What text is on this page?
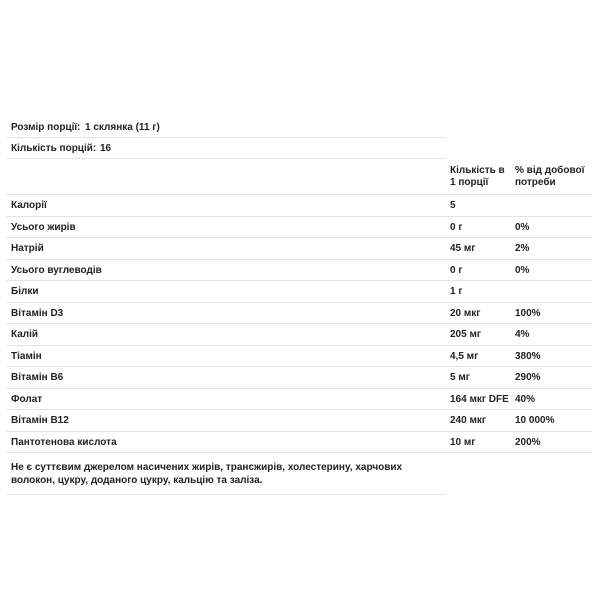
Розмір порції: 1 склянка (11 г)
Кількість порцій: 16
Кількість в 1 порції
% від добової потреби
Калорії	5
Усього жирів	0 г	0%
Натрій	45 мг	2%
Усього вуглеводів	0 г	0%
Білки	1 г
Вітамін D3	20 мкг	100%
Калій	205 мг	4%
Тіамін	4,5 мг	380%
Вітамін B6	5 мг	290%
Фолат	164 мкг DFE 40%
Вітамін B12	240 мкг	10 000%
Пантотенова кислота	10 мг	200%
Не є суттєвим джерелом насичених жирів, трансжирів, холестерину, харчових волокон, цукру, доданого цукру, кальцію та заліза.
